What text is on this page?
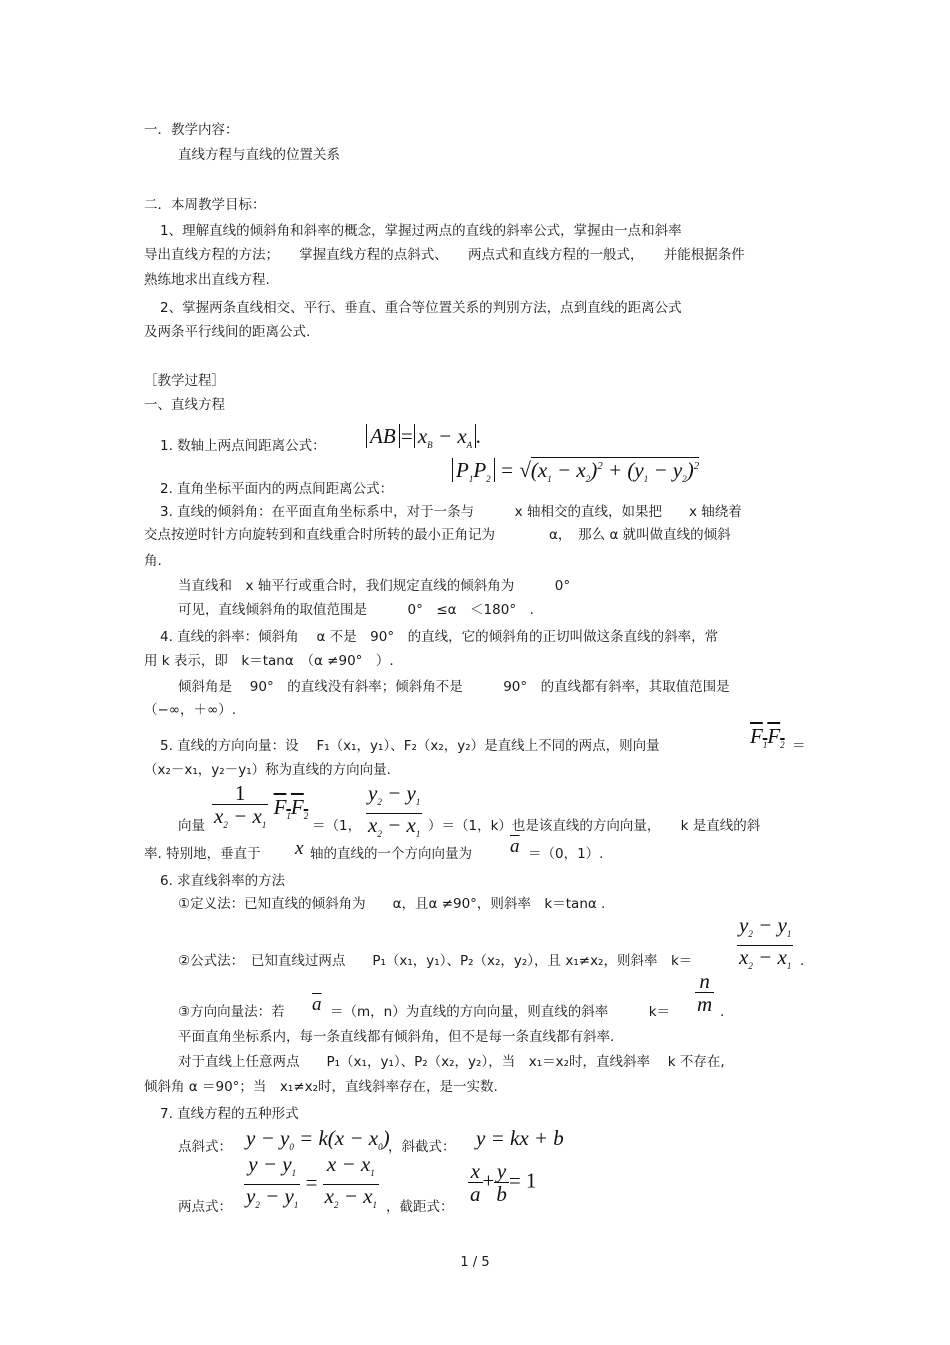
一．教学内容：
直线方程与直线的位置关系
二．本周教学目标：
1、理解直线的倾斜角和斜率的概念，掌握过两点的直线的斜率公式，掌握由一点和斜率
导出直线方程的方法；　　掌握直线方程的点斜式、　　两点式和直线方程的一般式，　　并能根据条件
熟练地求出直线方程.
2、掌握两条直线相交、平行、垂直、重合等位置关系的判别方法，点到直线的距离公式
及两条平行线间的距离公式.
［教学过程］
一、直线方程
1. 数轴上两点间距离公式： AB = $x_B - x_A$ .
2. 直角坐标平面内的两点间距离公式：
$P_1P_2 = √(x_1 - x_2)^2 + (y_1 - y_2)^2$
3. 直线的倾斜角：在平面直角坐标系中，对于一条与　　　x 轴相交的直线，如果把　　x 轴绕着
交点按逆时针方向旋转到和直线重合时所转的最小正角记为　　　　α，　那么 α 就叫做直线的倾斜
角.
当直线和　x 轴平行或重合时，我们规定直线的倾斜角为　　　0°
可见，直线倾斜角的取值范围是　　　0°　≤α　＜180°　.
4. 直线的斜率：倾斜角　 α 不是　90°　的直线，它的倾斜角的正切叫做这条直线的斜率，常
用 k 表示，即　k＝tanα　（α ≠90°　）.
倾斜角是　 90°　的直线没有斜率；倾斜角不是　　　90°　的直线都有斜率，其取值范围是
（−∞，＋∞）.
5. 直线的方向向量：设　 F₁（x₁，y₁）、F₂（x₂，y₂）是直线上不同的两点，则向量	$F_1F_2$ ＝
（x₂－x₁，y₂－y₁）称为直线的方向向量.
向量 $\frac{1}{x_2 - x_1} F_1F_2$
＝（1， $\frac{y_2 - y_1}{x_2 - x_1} )=(1$，k）也是该直线的方向向量，　　k 是直线的斜
率. 特别地，垂直于 x 轴的直线的一个方向向量为 $\overline{a} =(0$，1）.
6. 求直线斜率的方法
①定义法：已知直线的倾斜角为　　α，且α ≠90°，则斜率　k＝tanα .
②公式法：　已知直线过两点　　P₁（x₁，y₁）、P₂（x₂，y₂），且 x₁≠x₂，则斜率　$k= \frac{y_2 - y_1}{x_2 - x_1}$ .
③方向向量法：若 $\overline{a} =(m$，n）为直线的方向向量，则直线的斜率　　　$k= \frac{n}{m}$ .
平面直角坐标系内，每一条直线都有倾斜角，但不是每一条直线都有斜率.
对于直线上任意两点　　P₁（x₁，y₁）、P₂（x₂，y₂），当　x₁＝x₂时，直线斜率　 k 不存在,
倾斜角 α ＝90°；当　x₁≠x₂时，直线斜率存在，是一实数.
7. 直线方程的五种形式
点斜式： $y - y_0 = k(x - x_0)$
，斜截式： y = kx + b
两点式： $\frac{y - y_1}{y_2 - y_1} = \frac{x - x_1}{x_2 - x_1}$ ，截距式：
$\frac{x}{a} + \frac{y}{b} = 1$
1 / 5
